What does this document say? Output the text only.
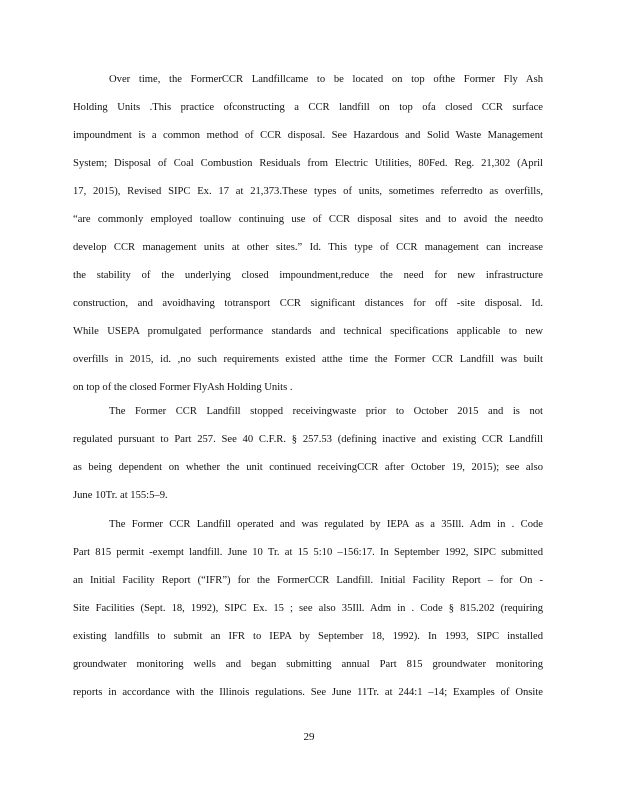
Over time, the FormerCCR Landfillcame to be located on top ofthe Former Fly Ash
Holding Units .This practice ofconstructing a CCR landfill on top ofa closed CCR surface
impoundment is a common method of CCR disposal. See Hazardous and Solid Waste Management
System; Disposal of Coal Combustion Residuals from Electric Utilities, 80Fed. Reg. 21,302 (April
17, 2015), Revised SIPC Ex. 17 at 21,373.These types of units, sometimes referredto as overfills,
“are commonly employed toallow continuing use of CCR disposal sites and to avoid the needto
develop CCR management units at other sites.” Id. This type of CCR management can increase
the stability of the underlying closed impoundment,reduce the need for new infrastructure
construction, and avoidhaving totransport CCR significant distances for off -site disposal. Id.
While USEPA promulgated performance standards and technical specifications applicable to new
overfills in 2015, id. ,no such requirements existed atthe time the Former CCR Landfill was built
on top of the closed Former FlyAsh Holding Units .
The Former CCR Landfill stopped receivingwaste prior to October 2015 and is not
regulated pursuant to Part 257. See 40 C.F.R. § 257.53 (defining inactive and existing CCR Landfill
as being dependent on whether the unit continued receivingCCR after October 19, 2015); see also
June 10Tr. at 155:5–9.
The Former CCR Landfill operated and was regulated by IEPA as a 35Ill. Adm in . Code
Part 815 permit -exempt landfill. June 10 Tr. at 15 5:10 ‒156:17. In September 1992, SIPC submitted
an Initial Facility Report (“IFR”) for the FormerCCR Landfill. Initial Facility Report – for On -
Site Facilities (Sept. 18, 1992), SIPC Ex. 15 ; see also 35Ill. Adm in . Code § 815.202 (requiring
existing landfills to submit an IFR to IEPA by September 18, 1992). In 1993, SIPC installed
groundwater monitoring wells and began submitting annual Part 815 groundwater monitoring
reports in accordance with the Illinois regulations. See June 11Tr. at 244:1 ‒14; Examples of Onsite
29
